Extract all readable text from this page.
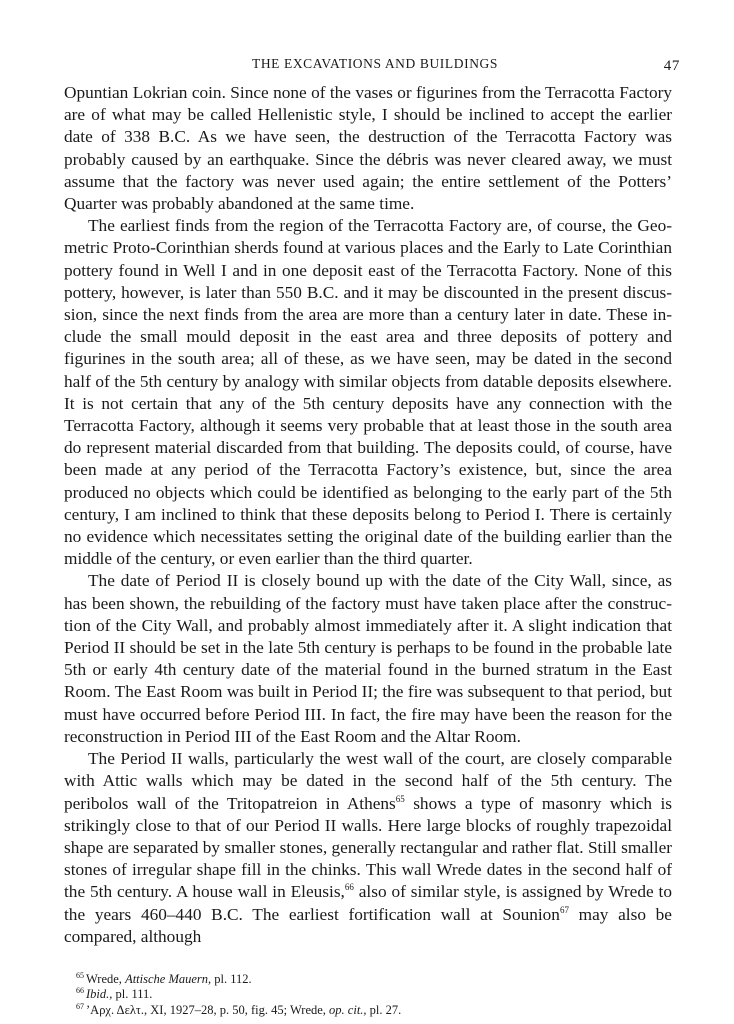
THE EXCAVATIONS AND BUILDINGS	47

Opuntian Lokrian coin. Since none of the vases or figurines from the Terracotta Factory are of what may be called Hellenistic style, I should be inclined to accept the earlier date of 338 B.C. As we have seen, the destruction of the Terracotta Factory was probably caused by an earthquake. Since the débris was never cleared away, we must assume that the factory was never used again; the entire settlement of the Potters’ Quarter was probably abandoned at the same time.

The earliest finds from the region of the Terracotta Factory are, of course, the Geometric Proto-Corinthian sherds found at various places and the Early to Late Corinthian pottery found in Well I and in one deposit east of the Terracotta Factory. None of this pottery, however, is later than 550 B.C. and it may be discounted in the present discussion, since the next finds from the area are more than a century later in date. These include the small mould deposit in the east area and three deposits of pottery and figurines in the south area; all of these, as we have seen, may be dated in the second half of the 5th century by analogy with similar objects from datable deposits elsewhere. It is not certain that any of the 5th century deposits have any connection with the Terracotta Factory, although it seems very probable that at least those in the south area do represent material discarded from that building. The deposits could, of course, have been made at any period of the Terracotta Factory’s existence, but, since the area produced no objects which could be identified as belonging to the early part of the 5th century, I am inclined to think that these deposits belong to Period I. There is certainly no evidence which necessitates setting the original date of the building earlier than the middle of the century, or even earlier than the third quarter.

The date of Period II is closely bound up with the date of the City Wall, since, as has been shown, the rebuilding of the factory must have taken place after the construction of the City Wall, and probably almost immediately after it. A slight indication that Period II should be set in the late 5th century is perhaps to be found in the probable late 5th or early 4th century date of the material found in the burned stratum in the East Room. The East Room was built in Period II; the fire was subsequent to that period, but must have occurred before Period III. In fact, the fire may have been the reason for the reconstruction in Period III of the East Room and the Altar Room.

The Period II walls, particularly the west wall of the court, are closely comparable with Attic walls which may be dated in the second half of the 5th century. The peribolos wall of the Tritopatreion in Athens$^{65}$ shows a type of masonry which is strikingly close to that of our Period II walls. Here large blocks of roughly trapezoidal shape are separated by smaller stones, generally rectangular and rather flat. Still smaller stones of irregular shape fill in the chinks. This wall Wrede dates in the second half of the 5th century. A house wall in Eleusis,$^{66}$ also of similar style, is assigned by Wrede to the years 460–440 B.C. The earliest fortification wall at Sounion$^{67}$ may also be compared, although

$^{65}$ Wrede, Attische Mauern, pl. 112.
$^{66}$ Ibid., pl. 111.
$^{67}$ ’Αρχ. Δελτ., XI, 1927–28, p. 50, fig. 45; Wrede, op. cit., pl. 27.
